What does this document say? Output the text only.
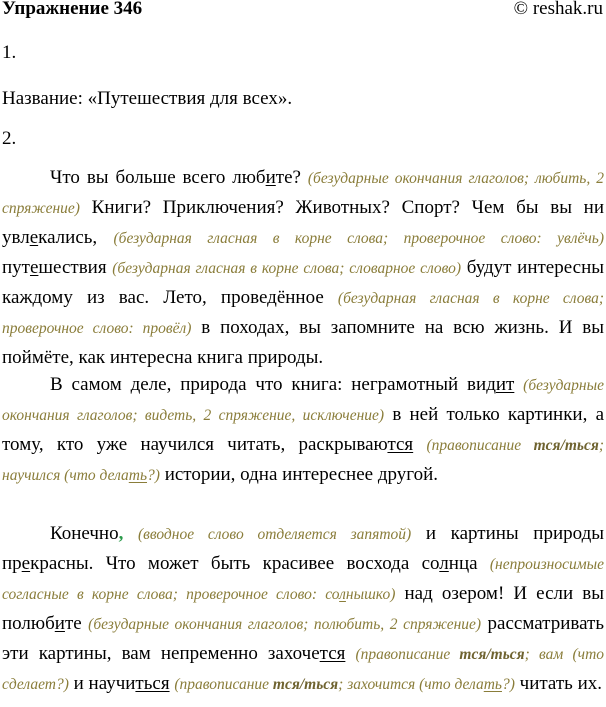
Упражнение 346	© reshak.ru
1.
Название: «Путешествия для всех».
2.

Что вы больше всего любите? (безударные окончания глаголов; любить, 2 спряжение) Книги? Приключения? Животных? Спорт? Чем бы вы ни увлекались, (безударная гласная в корне слова; проверочное слово: увлёчь) путешествия (безударная гласная в корне слова; словарное слово) будут интересны каждому из вас. Лето, проведённое (безударная гласная в корне слова; проверочное слово: провёл) в походах, вы запомните на всю жизнь. И вы поймёте, как интересна книга природы.

В самом деле, природа что книга: неграмотный видит (безударные окончания глаголов; видеть, 2 спряжение, исключение) в ней только картинки, а тому, кто уже научился читать, раскрываются (правописание тся/ться; научился (что делать?) истории, одна интереснее другой.

Конечно, (вводное слово отделяется запятой) и картины природы прекрасны. Что может быть красивее восхода солнца (непроизносимые согласные в корне слова; проверочное слово: солнышко) над озером! И если вы полюбите (безударные окончания глаголов; полюбить, 2 спряжение) рассматривать эти картины, вам непременно захочется (правописание тся/ться; вам (что сделает?) и научиться (правописание тся/ться; захочится (что делать?) читать их.
